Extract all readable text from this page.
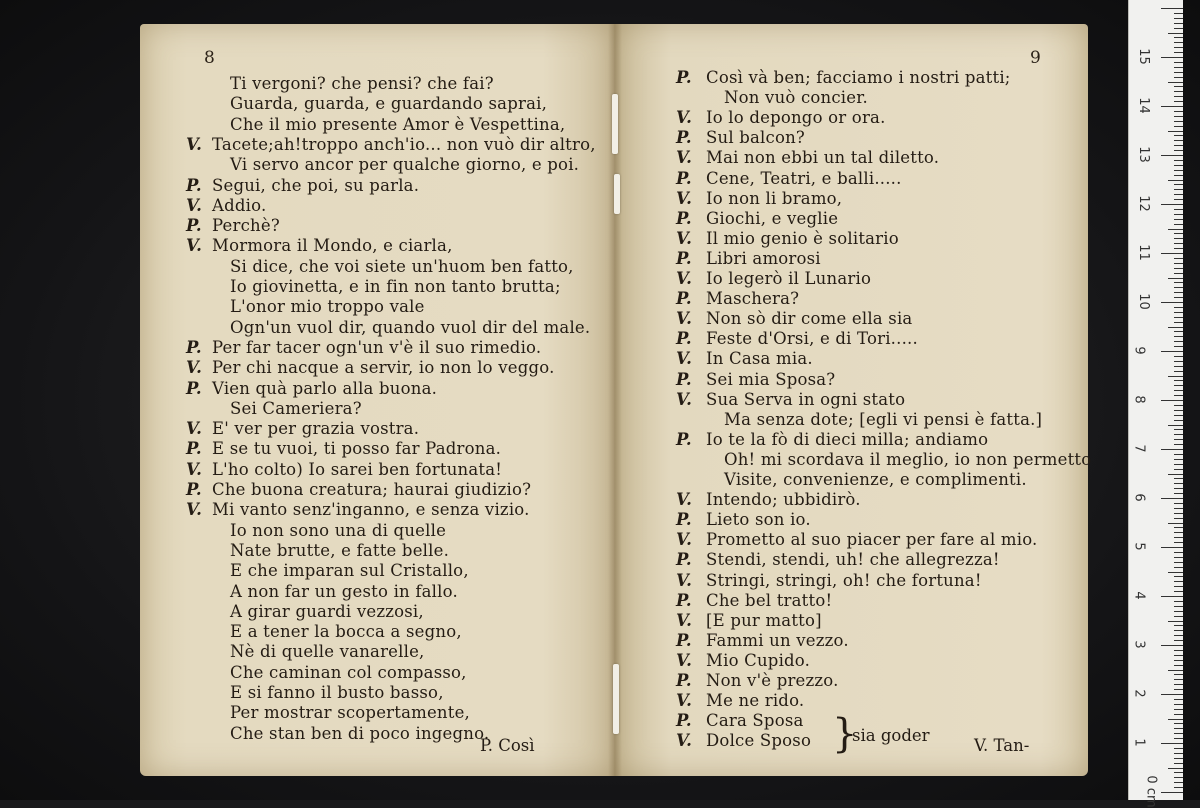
8	9
Ti vergoni? che pensi? che fai?
Guarda, guarda, e guardando saprai,
Che il mio presente Amor è Vespettina,
V. Tacete;ah!troppo anch'io... non vuò dir altro,
Vi servo ancor per qualche giorno, e poi.
P. Segui, che poi, su parla.
V. Addio.
P. Perchè?
V. Mormora il Mondo, e ciarla,
Si dice, che voi siete un'huom ben fatto,
Io giovinetta, e in fin non tanto brutta;
L'onor mio troppo vale
Ogn'un vuol dir, quando vuol dir del male.
P. Per far tacer ogn'un v'è il suo rimedio.
V. Per chi nacque a servir, io non lo veggo.
P. Vien quà parlo alla buona.
Sei Cameriera?
V. E' ver per grazia vostra.
P. E se tu vuoi, ti posso far Padrona.
V. L'ho colto) Io sarei ben fortunata!
P. Che buona creatura; haurai giudizio?
V. Mi vanto senz'inganno, e senza vizio.
Io non sono una di quelle
Nate brutte, e fatte belle.
E che imparan sul Cristallo,
A non far un gesto in fallo.
A girar guardi vezzosi,
E a tener la bocca a segno,
Nè di quelle vanarelle,
Che caminan col compasso,
E si fanno il busto basso,
Per mostrar scopertamente,
Che stan ben di poco ingegno.
P. Così và ben; facciamo i nostri patti;
Non vuò concier.
V. Io lo depongo or ora.
P. Sul balcon?
V. Mai non ebbi un tal diletto.
P. Cene, Teatri, e balli.....
V. Io non li bramo,
P. Giochi, e veglie
V. Il mio genio è solitario
P. Libri amorosi
V. Io legerò il Lunario
P. Maschera?
V. Non sò dir come ella sia
P. Feste d'Orsi, e di Tori.....
V. In Casa mia.
P. Sei mia Sposa?
V. Sua Serva in ogni stato
Ma senza dote; [egli vi pensi è fatta.]
P. Io te la fò di dieci milla; andiamo
Oh! mi scordava il meglio, io non permetto
Visite, convenienze, e complimenti.
V. Intendo; ubbidirò.
P. Lieto son io.
V. Prometto al suo piacer per fare al mio.
P. Stendi, stendi, uh! che allegrezza!
V. Stringi, stringi, oh! che fortuna!
P. Che bel tratto!
V. [E pur matto]
P. Fammi un vezzo.
V. Mio Cupido.
P. Non v'è prezzo.
V. Me ne rido.
P. Cara Sposa
V. Dolce Sposo }
sia goder
P. Così	V. Tan-
0 cm
1
2
3
4
5
6
7
8
9
10
11
12
13
14
15
